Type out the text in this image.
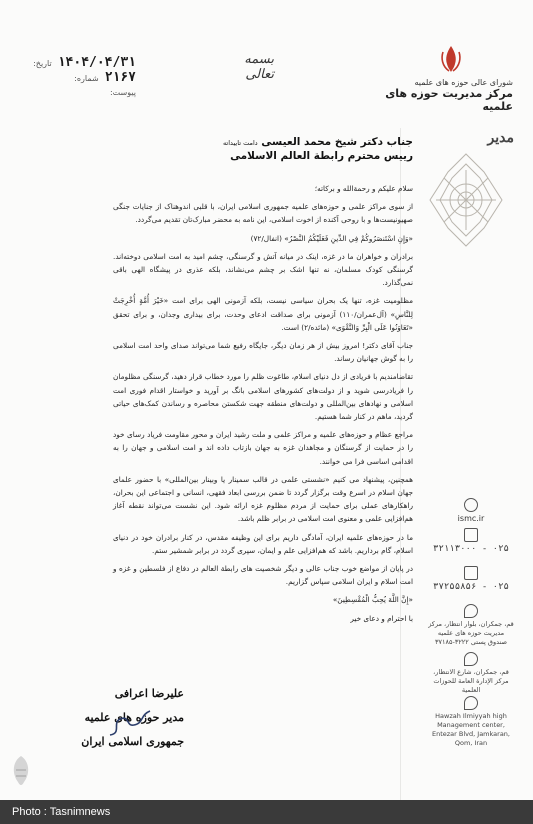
۱۴۰۴/۰۴/۳۱
تاریخ:
۲۱۶۷
شماره:
پیوست:
بسمه تعالی
شورای عالی حوزه های علمیه
مرکز مدیریت حوزه های علمیه
مدیر
ismc.ir
۰۲۵ - ۳۲۱۱۳۰۰۰
۰۲۵ - ۳۷۲۵۵۸۵۶
قم، جمکران، بلوار انتظار، مرکز مدیریت حوزه های علمیه صندوق پستی ۳۲۲۲-۳۷۱۸۵
قم، جمکران، شارع الانتظار، مرکز الإدارة العامة للحوزات العلمية
Hawzah Ilmiyyah high Management center, Entezar Blvd, Jamkaran, Qom, Iran
جناب دکتر شیخ محمد العیسی دامت تاییداته
رییس محترم رابطة العالم الاسلامی

سلام علیکم و رحمة‌الله و برکاته؛

از سوی مراکز علمی و حوزه‌های علمیه جمهوری اسلامی ایران، با قلبی اندوهناک از جنایات جنگی صهیونیست‌ها و با روحی آکنده از اخوت اسلامی، این نامه به محضر مبارک‌تان تقدیم می‌گردد.

«وَإِنِ اسْتَنصَرُوكُمْ فِي الدِّينِ فَعَلَيْكُمُ النَّصْرُ» (انفال/۷۲)

برادران و خواهران ما در غزه، اینک در میانه آتش و گرسنگی، چشم امید به امت اسلامی دوخته‌اند. گرسنگی کودک مسلمان، نه تنها اشک بر چشم می‌نشاند، بلکه عذری در پیشگاه الهی باقی نمی‌گذارد.

مظلومیت غزه، تنها یک بحران سیاسی نیست، بلکه آزمونی الهی برای امت «خَيْرَ أُمَّةٍ أُخْرِجَتْ لِلنَّاسِ» (آل‌عمران/۱۱۰) آزمونی برای صداقت ادعای وحدت، برای بیداری وجدان، و برای تحقق «تَعَاوَنُوا عَلَى الْبِرِّ وَالتَّقْوَى» (مائده/۲) است.

جناب آقای دکتر! امروز بیش از هر زمان دیگر، جایگاه رفیع شما می‌تواند صدای واحد امت اسلامی را به گوش جهانیان رساند.

تقاضامندیم با فریادی از دل دنیای اسلام، طاغوت ظلم را مورد خطاب قرار دهید، گرسنگی مظلومان را فریادرسی شوید و از دولت‌های کشورهای اسلامی بانگ بر آورید و خواستار اقدام فوری امت اسلامی و نهادهای بین‌المللی و دولت‌های منطقه جهت شکستن محاصره و رساندن کمک‌های حیاتی گردید، ماهم در کنار شما هستیم.

مراجع عظام و حوزه‌های علمیه و مراکز علمی و ملت رشید ایران و محور مقاومت فریاد رسای خود را در حمایت از گرسنگان و مجاهدان غزه به جهان بازتاب داده اند و امت اسلامی و جهان را به اقدامی اساسی فرا می خوانند.

همچنین، پیشنهاد می کنیم «نشستی علمی در قالب سمینار یا وبینار بین‌المللی» با حضور علمای جهان اسلام در اسرع وقت برگزار گردد تا ضمن بررسی ابعاد فقهی، انسانی و اجتماعی این بحران، راهکارهای عملی برای حمایت از مردم مظلوم غزه ارائه شود. این نشست می‌تواند نقطه آغاز هم‌افزایی علمی و معنوی امت اسلامی در برابر ظلم باشد.

ما در حوزه‌های علمیه ایران، آمادگی داریم برای این وظیفه مقدس، در کنار برادران خود در دنیای اسلام، گام برداریم. باشد که هم‌افزایی علم و ایمان، سپری گردد در برابر شمشیر ستم.

در پایان از مواضع خوب جناب عالی و دیگر شخصیت های رابطة العالم در دفاع از فلسطین و غزه و امت اسلام و ایران اسلامی سپاس گزاریم.

«إِنَّ اللَّهَ يُحِبُّ الْمُقْسِطِينَ»

با احترام و دعای خیر

علیرضا اعرافی
مدیر حوزه های علمیه
جمهوری اسلامی ایران
Photo : Tasnimnews
